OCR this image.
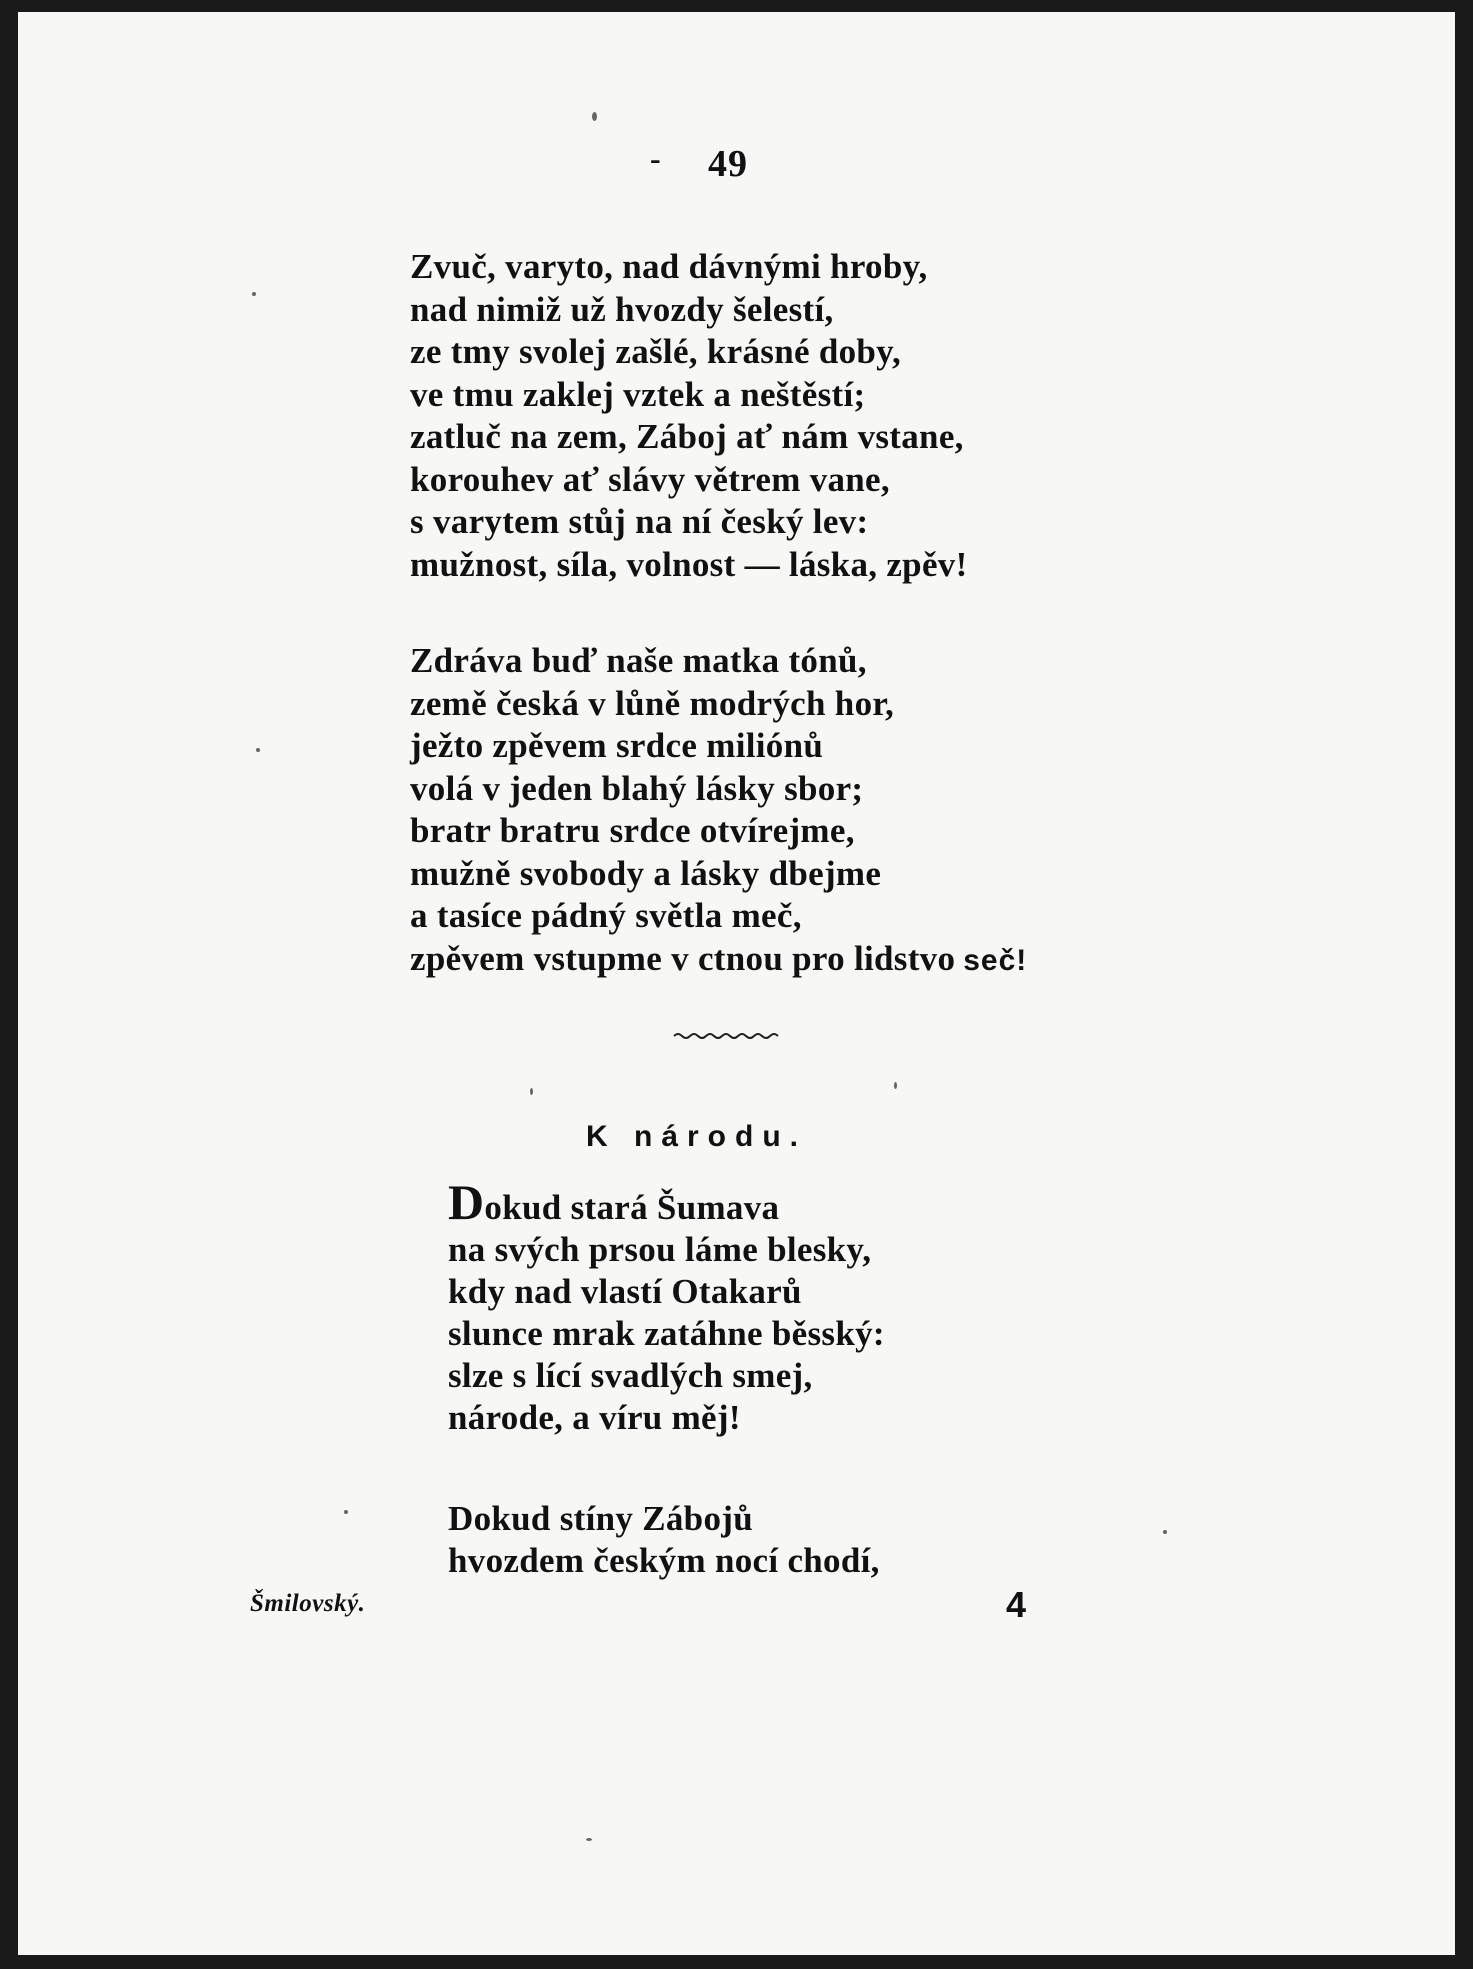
- 49
Zvuč, varyto, nad dávnými hroby,
nad nimiž už hvozdy šelestí,
ze tmy svolej zašlé, krásné doby,
ve tmu zaklej vztek a neštěstí;
zatluč na zem, Záboj ať nám vstane,
korouhev ať slávy větrem vane,
s varytem stůj na ní český lev:
mužnost, síla, volnost — láska, zpěv!
Zdráva buď naše matka tónů,
země česká v lůně modrých hor,
ježto zpěvem srdce miliónů
volá v jeden blahý lásky sbor;
bratr bratru srdce otvírejme,
mužně svobody a lásky dbejme
a tasíce pádný světla meč,
zpěvem vstupme v ctnou pro lidstvo seč!
K národu.
Dokud stará Šumava
na svých prsou láme blesky,
kdy nad vlastí Otakarů
slunce mrak zatáhne běsský:
slze s lící svadlých smej,
národe, a víru měj!
Dokud stíny Zábojů
hvozdem českým nocí chodí,
Šmilovský.	4
